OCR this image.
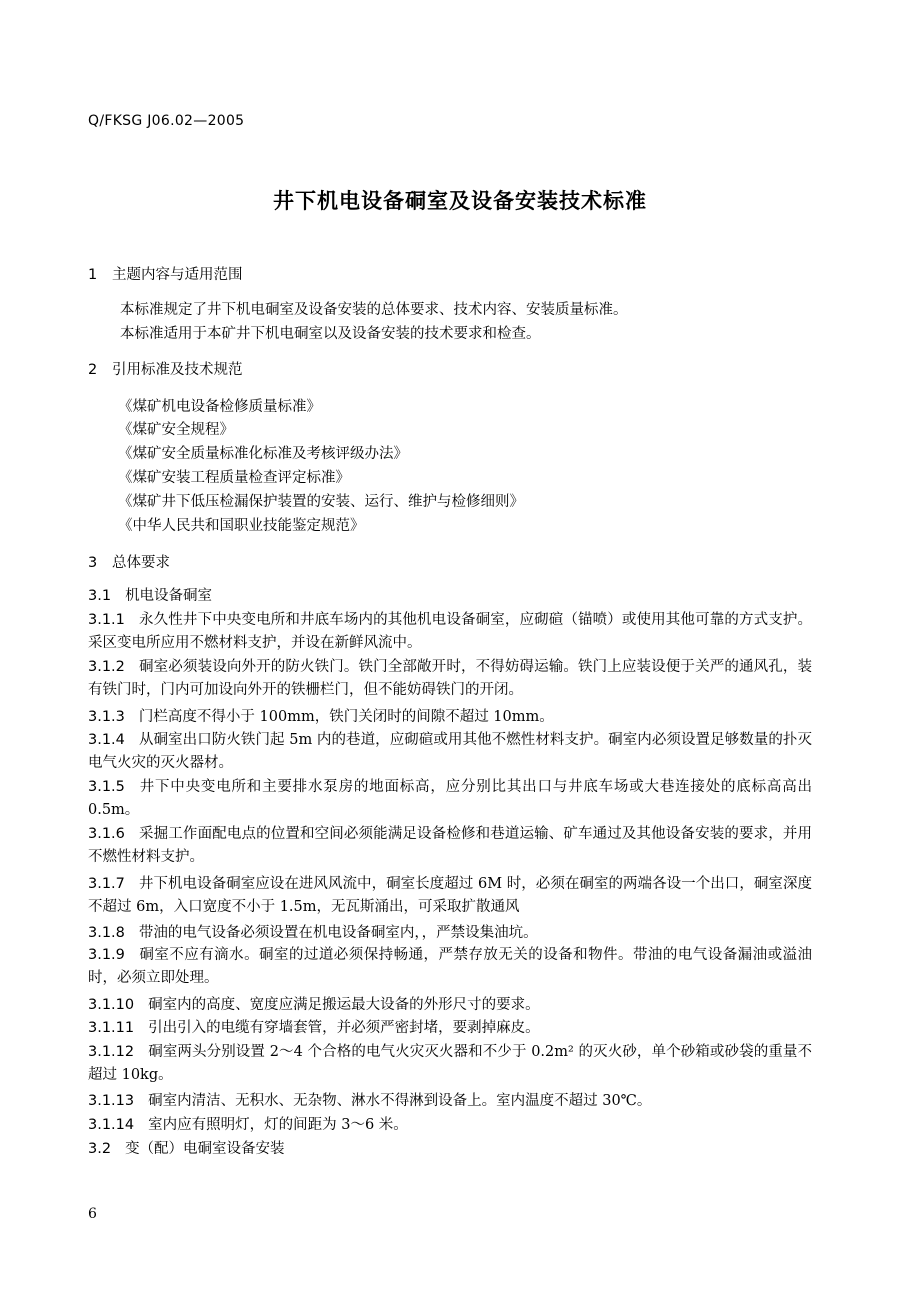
Q/FKSG J06.02—2005
井下机电设备硐室及设备安装技术标准
1 主题内容与适用范围
本标准规定了井下机电硐室及设备安装的总体要求、技术内容、安装质量标准。
本标准适用于本矿井下机电硐室以及设备安装的技术要求和检查。
2 引用标准及技术规范
《煤矿机电设备检修质量标准》
《煤矿安全规程》
《煤矿安全质量标准化标准及考核评级办法》
《煤矿安装工程质量检查评定标准》
《煤矿井下低压检漏保护装置的安装、运行、维护与检修细则》
《中华人民共和国职业技能鉴定规范》
3 总体要求
3.1 机电设备硐室
3.1.1 永久性井下中央变电所和井底车场内的其他机电设备硐室，应砌碹（锚喷）或使用其他可靠的方式支护。采区变电所应用不燃材料支护，并设在新鲜风流中。
3.1.2 硐室必须装设向外开的防火铁门。铁门全部敞开时，不得妨碍运输。铁门上应装设便于关严的通风孔，装有铁门时，门内可加设向外开的铁栅栏门，但不能妨碍铁门的开闭。
3.1.3 门栏高度不得小于 100mm，铁门关闭时的间隙不超过 10mm。
3.1.4 从硐室出口防火铁门起 5m 内的巷道，应砌碹或用其他不燃性材料支护。硐室内必须设置足够数量的扑灭电气火灾的灭火器材。
3.1.5 井下中央变电所和主要排水泵房的地面标高，应分别比其出口与井底车场或大巷连接处的底标高高出 0.5m。
3.1.6 采掘工作面配电点的位置和空间必须能满足设备检修和巷道运输、矿车通过及其他设备安装的要求，并用不燃性材料支护。
3.1.7 井下机电设备硐室应设在进风风流中，硐室长度超过 6M 时，必须在硐室的两端各设一个出口，硐室深度不超过 6m，入口宽度不小于 1.5m，无瓦斯涌出，可采取扩散通风
3.1.8 带油的电气设备必须设置在机电设备硐室内，，严禁设集油坑。
3.1.9 硐室不应有滴水。硐室的过道必须保持畅通，严禁存放无关的设备和物件。带油的电气设备漏油或溢油时，必须立即处理。
3.1.10 硐室内的高度、宽度应满足搬运最大设备的外形尺寸的要求。
3.1.11 引出引入的电缆有穿墙套管，并必须严密封堵，要剥掉麻皮。
3.1.12 硐室两头分别设置 2～4 个合格的电气火灾灭火器和不少于 0.2m² 的灭火砂，单个砂箱或砂袋的重量不超过 10kg。
3.1.13 硐室内清洁、无积水、无杂物、淋水不得淋到设备上。室内温度不超过 30℃。
3.1.14 室内应有照明灯，灯的间距为 3～6 米。
3.2 变（配）电硐室设备安装
6
